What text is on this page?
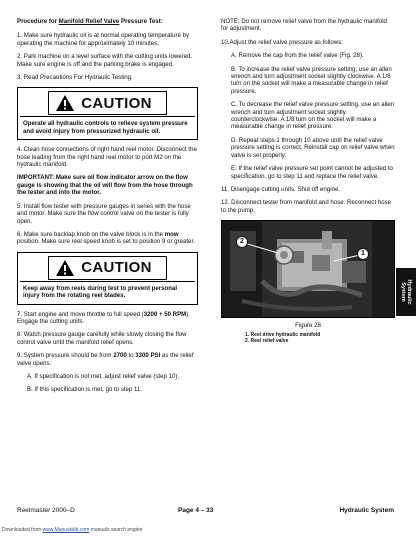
Procedure for Manifold Relief Valve Pressure Test:

1. Make sure hydraulic oil is at normal operating temperature by operating the machine for approximately 10 minutes.

2. Park machine on a level surface with the cutting units lowered. Make sure engine is off and the parking brake is engaged.

3. Read Precautions For Hydraulic Testing.

CAUTION
Operate all hydraulic controls to relieve system pressure and avoid injury from pressurized hydraulic oil.

4. Clean hose connections of right hand reel motor. Disconnect the hose leading from the right hand reel motor to port M2 on the hydraulic manifold.

IMPORTANT: Make sure oil flow indicator arrow on the flow gauge is showing that the oil will flow from the hose through the tester and into the motor.

5. Install flow tester with pressure gauges in series with the hose and motor. Make sure the flow control valve on the tester is fully open.

6. Make sure backlap knob on the valve block is in the mow position. Make sure reel speed knob is set to position 9 or greater.

CAUTION
Keep away from reels during test to prevent personal injury from the rotating reel blades.

7. Start engine and move throttle to full speed (3200 + 50 RPM). Engage the cutting units.

8. Watch pressure gauge carefully while slowly closing the flow control valve until the manifold relief opens.

9. System pressure should be from 2700 to 3300 PSI as the relief valve opens.

A. If specification is not met, adjust relief valve (step 10).

B. If this specification is met, go to step 11.

NOTE: Do not remove relief valve from the hydraulic manifold for adjustment.

10.Adjust the relief valve pressure as follows:

A. Remove the cap from the relief valve (Fig. 28).

B. To increase the relief valve pressure setting, use an allen wrench and turn adjustment socket slightly clockwise. A 1/8 turn on the socket will make a measurable change in relief pressure.

C. To decrease the relief valve pressure setting, use an allen wrench and turn adjustment socket slightly counterclockwise. A 1/8 turn on the socket will make a measurable change in relief pressure.

D. Repeat steps 1 through 10 above until the relief valve pressure setting is correct. Reinstall cap on relief valve when valve is set properly.

E. If the relief valve pressure set point cannot be adjusted to specification, go to step 11 and replace the relief valve.

11. Disengage cutting units. Shut off engine.

12. Disconnect tester from manifold and hose. Reconnect hose to the pump.

2
1
Figure 28
1. Reel drive hydraulic manifold
2. Reel relief valve
Hydraulic
System
Reelmaster 2000–D	Page 4 – 33	Hydraulic System
Downloaded from www.Manualslib.com manuals search engine
